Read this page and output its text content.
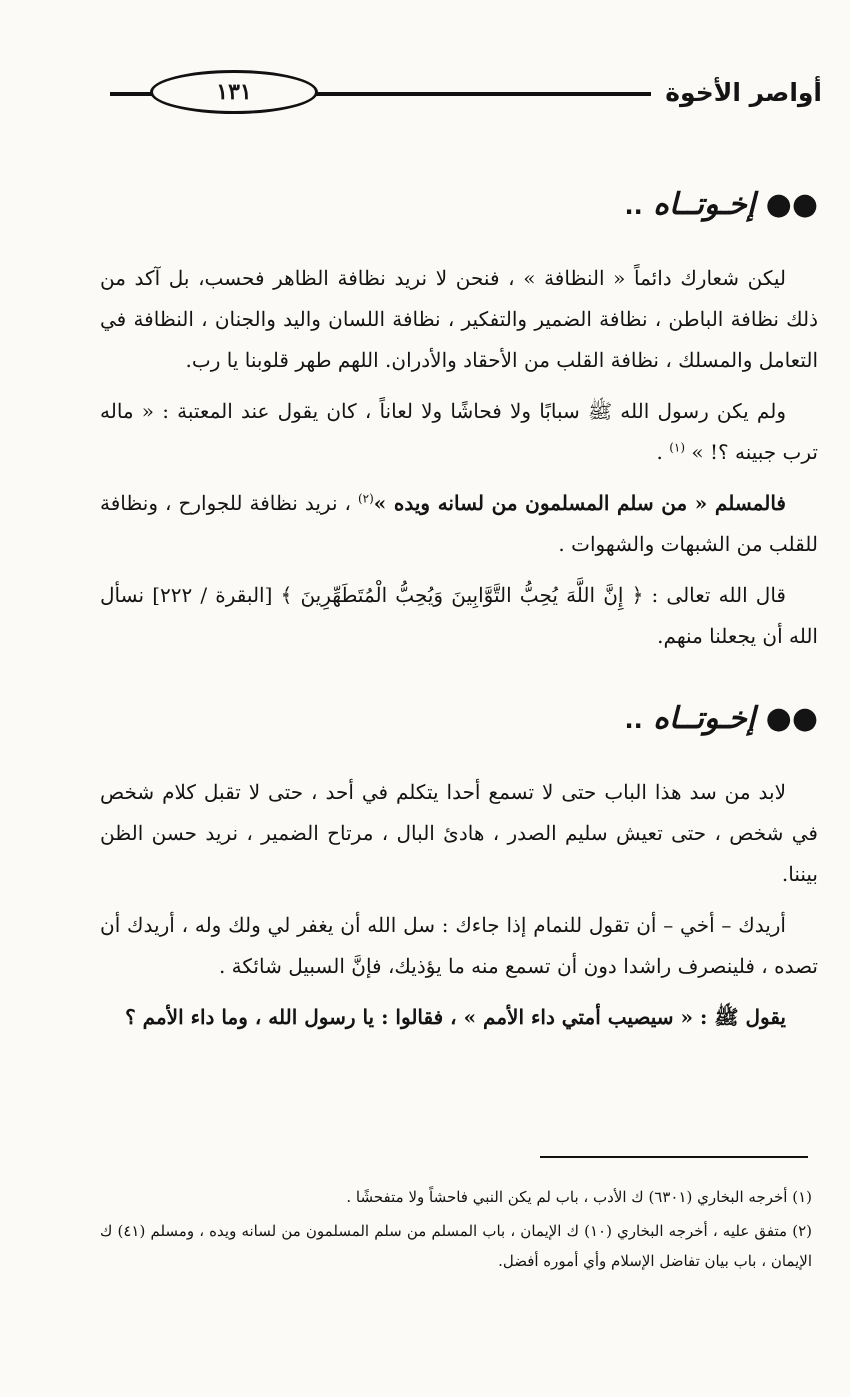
١٣١	أواصر الأخوة
●● إخـوتــاه ..

ليكن شعارك دائماً « النظافة » ، فنحن لا نريد نظافة الظاهر فحسب، بل آكد من ذلك نظافة الباطن ، نظافة الضمير والتفكير ، نظافة اللسان واليد والجنان ، النظافة في التعامل والمسلك ، نظافة القلب من الأحقاد والأدران. اللهم طهر قلوبنا يا رب.

ولم يكن رسول الله ﷺ سبابًا ولا فحاشًا ولا لعاناً ، كان يقول عند المعتبة : « ماله ترب جبينه ؟! » $^{(١)}$ .

فالمسلم « من سلم المسلمون من لسانه ويده »$^{(٢)}$ ، نريد نظافة للجوارح ، ونظافة للقلب من الشبهات والشهوات .

قال الله تعالى : ﴿ إِنَّ اللَّهَ يُحِبُّ التَّوَّابِينَ وَيُحِبُّ الْمُتَطَهِّرِينَ ﴾ [البقرة / ٢٢٢] نسأل الله أن يجعلنا منهم.

●● إخـوتــاه ..

لابد من سد هذا الباب حتى لا تسمع أحدا يتكلم في أحد ، حتى لا تقبل كلام شخص في شخص ، حتى تعيش سليم الصدر ، هادئ البال ، مرتاح الضمير ، نريد حسن الظن بيننا.

أريدك – أخي – أن تقول للنمام إذا جاءك : سل الله أن يغفر لي ولك وله ، أريدك أن تصده ، فلينصرف راشدا دون أن تسمع منه ما يؤذيك، فإنَّ السبيل شائكة .

يقول ﷺ : « سيصيب أمتي داء الأمم » ، فقالوا : يا رسول الله ، وما داء الأمم ؟

(١) أخرجه البخاري (٦٣٠١) ك الأدب ، باب لم يكن النبي فاحشاً ولا متفحشًا .

(٢) متفق عليه ، أخرجه البخاري (١٠) ك الإيمان ، باب المسلم من سلم المسلمون من لسانه ويده ، ومسلم (٤١) ك الإيمان ، باب بيان تفاضل الإسلام وأي أموره أفضل.
